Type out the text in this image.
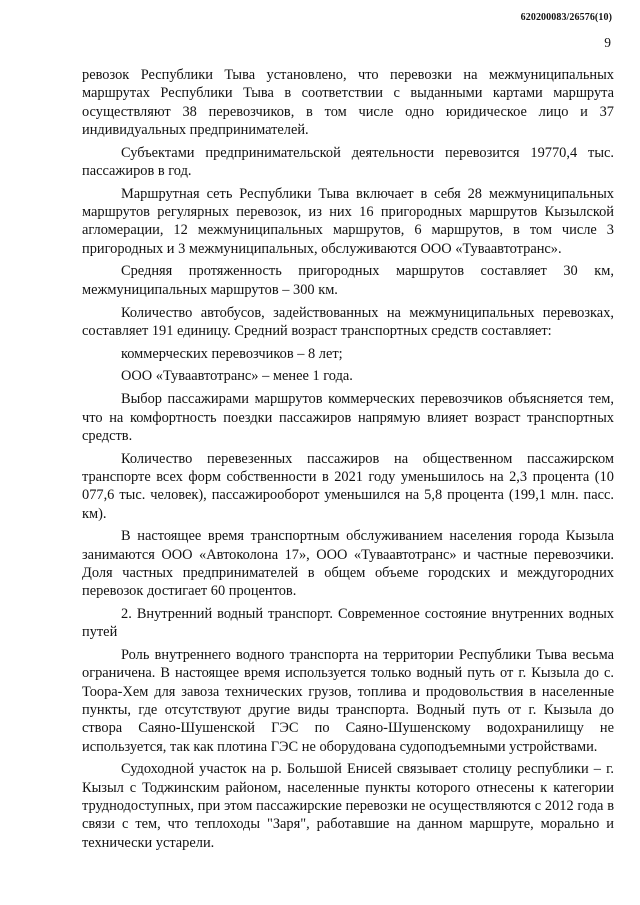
620200083/26576(10)
9

ревозок Республики Тыва установлено, что перевозки на межмуниципальных маршрутах Республики Тыва в соответствии с выданными картами маршрута осуществляют 38 перевозчиков, в том числе одно юридическое лицо и 37 индивидуальных предпринимателей.

Субъектами предпринимательской деятельности перевозится 19770,4 тыс. пассажиров в год.

Маршрутная сеть Республики Тыва включает в себя 28 межмуниципальных маршрутов регулярных перевозок, из них 16 пригородных маршрутов Кызылской агломерации, 12 межмуниципальных маршрутов, 6 маршрутов, в том числе 3 пригородных и 3 межмуниципальных, обслуживаются ООО «Туваавтотранс».

Средняя протяженность пригородных маршрутов составляет 30 км, межмуниципальных маршрутов – 300 км.

Количество автобусов, задействованных на межмуниципальных перевозках, составляет 191 единицу. Средний возраст транспортных средств составляет:

коммерческих перевозчиков – 8 лет;

ООО «Туваавтотранс» – менее 1 года.

Выбор пассажирами маршрутов коммерческих перевозчиков объясняется тем, что на комфортность поездки пассажиров напрямую влияет возраст транспортных средств.

Количество перевезенных пассажиров на общественном пассажирском транспорте всех форм собственности в 2021 году уменьшилось на 2,3 процента (10 077,6 тыс. человек), пассажирооборот уменьшился на 5,8 процента (199,1 млн. пасс. км).

В настоящее время транспортным обслуживанием населения города Кызыла занимаются ООО «Автоколона 17», ООО «Туваавтотранс» и частные перевозчики. Доля частных предпринимателей в общем объеме городских и междугородних перевозок достигает 60 процентов.

2. Внутренний водный транспорт. Современное состояние внутренних водных путей

Роль внутреннего водного транспорта на территории Республики Тыва весьма ограничена. В настоящее время используется только водный путь от г. Кызыла до с. Тоора-Хем для завоза технических грузов, топлива и продовольствия в населенные пункты, где отсутствуют другие виды транспорта. Водный путь от г. Кызыла до створа Саяно-Шушенской ГЭС по Саяно-Шушенскому водохранилищу не используется, так как плотина ГЭС не оборудована судоподъемными устройствами.

Судоходной участок на р. Большой Енисей связывает столицу республики – г. Кызыл с Тоджинским районом, населенные пункты которого отнесены к категории труднодоступных, при этом пассажирские перевозки не осуществляются с 2012 года в связи с тем, что теплоходы "Заря", работавшие на данном маршруте, морально и технически устарели.
